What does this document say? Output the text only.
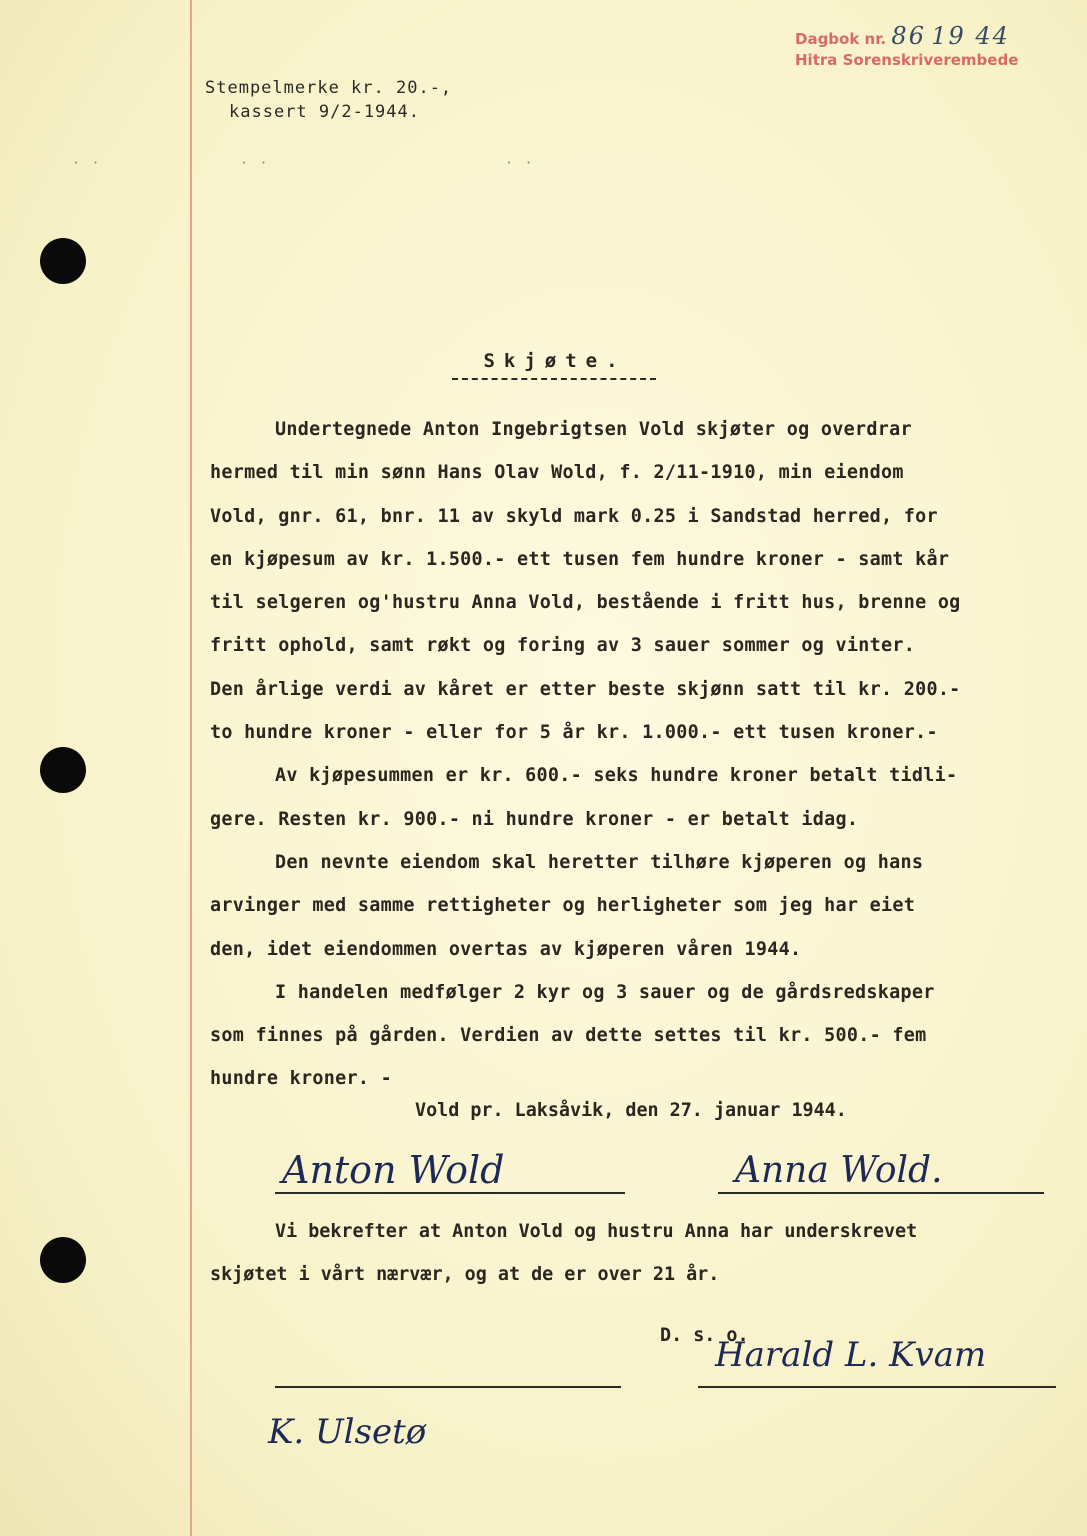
Dagbok nr. 86 19 44
Hitra Sorenskriverembede
Stempelmerke kr. 20.-,
kassert 9/2-1944.
· ·	· ·	· ·
Skjøte.
Undertegnede Anton Ingebrigtsen Vold skjøter og overdrar
hermed til min sønn Hans Olav Wold, f. 2/11-1910, min eiendom
Vold, gnr. 61, bnr. 11 av skyld mark 0.25 i Sandstad herred, for
en kjøpesum av kr. 1.500.- ett tusen fem hundre kroner - samt kår
til selgeren og'hustru Anna Vold, bestående i fritt hus, brenne og
fritt ophold, samt røkt og foring av 3 sauer sommer og vinter.
Den årlige verdi av kåret er etter beste skjønn satt til kr. 200.-
to hundre kroner - eller for 5 år kr. 1.000.- ett tusen kroner.-
Av kjøpesummen er kr. 600.- seks hundre kroner betalt tidli-
gere. Resten kr. 900.- ni hundre kroner - er betalt idag.
Den nevnte eiendom skal heretter tilhøre kjøperen og hans
arvinger med samme rettigheter og herligheter som jeg har eiet
den, idet eiendommen overtas av kjøperen våren 1944.
I handelen medfølger 2 kyr og 3 sauer og de gårdsredskaper
som finnes på gården. Verdien av dette settes til kr. 500.- fem
hundre kroner. -
Vold pr. Laksåvik, den 27. januar 1944.
Anton Wold	Anna Wold.
Vi bekrefter at Anton Vold og hustru Anna har underskrevet
skjøtet i vårt nærvær, og at de er over 21 år.
D. s. o.
Harald L. Kvam
K. Ulsetø
